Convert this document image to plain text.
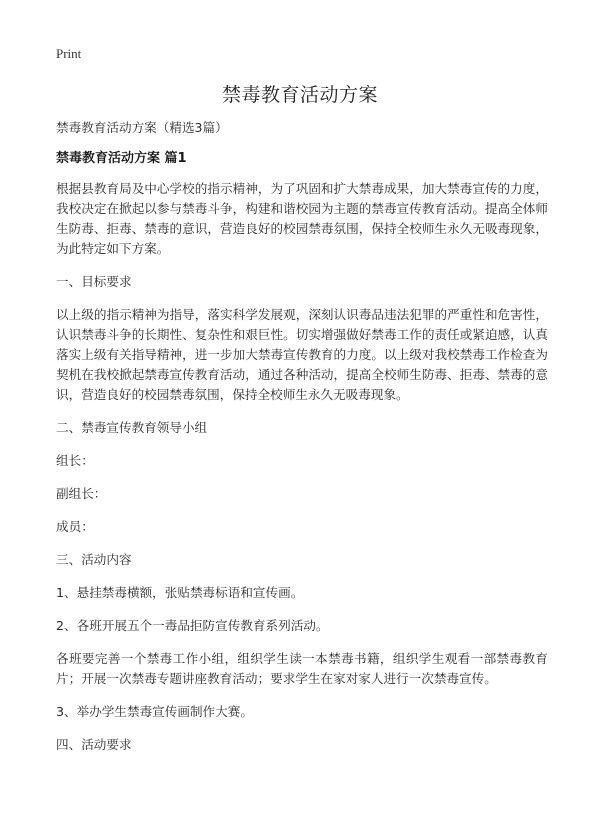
Print
禁毒教育活动方案
禁毒教育活动方案（精选3篇）
禁毒教育活动方案 篇1
根据县教育局及中心学校的指示精神，为了巩固和扩大禁毒成果，加大禁毒宣传的力度，我校决定在掀起以参与禁毒斗争，构建和谐校园为主题的禁毒宣传教育活动。提高全体师生防毒、拒毒、禁毒的意识，营造良好的校园禁毒氛围，保持全校师生永久无吸毒现象，为此特定如下方案。
一、目标要求
以上级的指示精神为指导，落实科学发展观，深刻认识毒品违法犯罪的严重性和危害性，认识禁毒斗争的长期性、复杂性和艰巨性。切实增强做好禁毒工作的责任或紧迫感，认真落实上级有关指导精神，进一步加大禁毒宣传教育的力度。以上级对我校禁毒工作检查为契机在我校掀起禁毒宣传教育活动，通过各种活动，提高全校师生防毒、拒毒、禁毒的意识，营造良好的校园禁毒氛围，保持全校师生永久无吸毒现象。
二、禁毒宣传教育领导小组
组长：
副组长：
成员：
三、活动内容
1、悬挂禁毒横额，张贴禁毒标语和宣传画。
2、各班开展五个一毒品拒防宣传教育系列活动。
各班要完善一个禁毒工作小组，组织学生读一本禁毒书籍，组织学生观看一部禁毒教育片；开展一次禁毒专题讲座教育活动；要求学生在家对家人进行一次禁毒宣传。
3、举办学生禁毒宣传画制作大赛。
四、活动要求
